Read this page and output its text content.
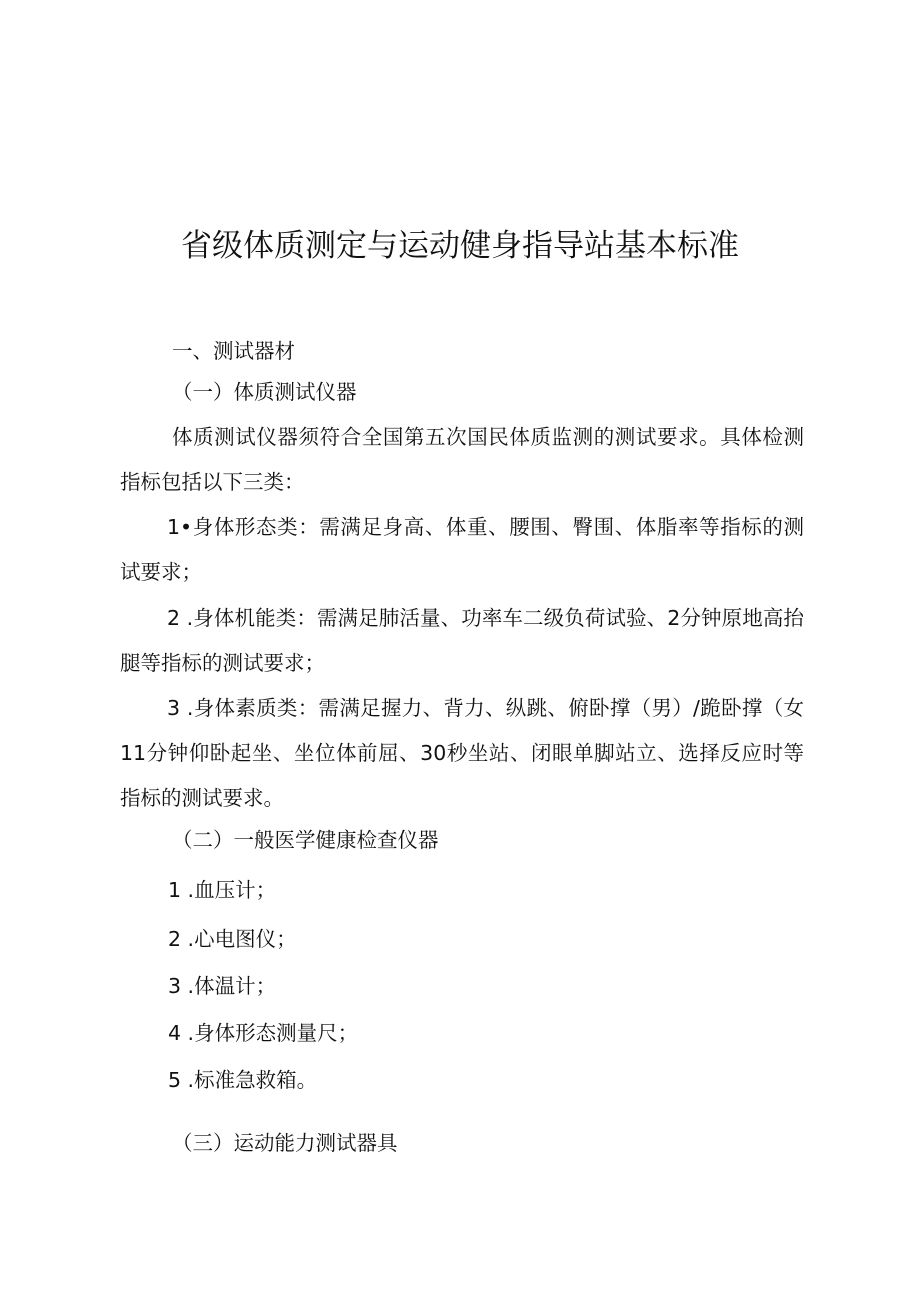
省级体质测定与运动健身指导站基本标准

一、测试器材

（一）体质测试仪器

体质测试仪器须符合全国第五次国民体质监测的测试要求。具体检测指标包括以下三类：

1•身体形态类：需满足身高、体重、腰围、臀围、体脂率等指标的测试要求；

2 .身体机能类：需满足肺活量、功率车二级负荷试验、2分钟原地高抬腿等指标的测试要求；

3 .身体素质类：需满足握力、背力、纵跳、俯卧撑（男）/跪卧撑（女11分钟仰卧起坐、坐位体前屈、30秒坐站、闭眼单脚站立、选择反应时等指标的测试要求。

（二）一般医学健康检查仪器

1 .血压计；

2 .心电图仪；

3 .体温计；

4 .身体形态测量尺；

5 .标准急救箱。

（三）运动能力测试器具
